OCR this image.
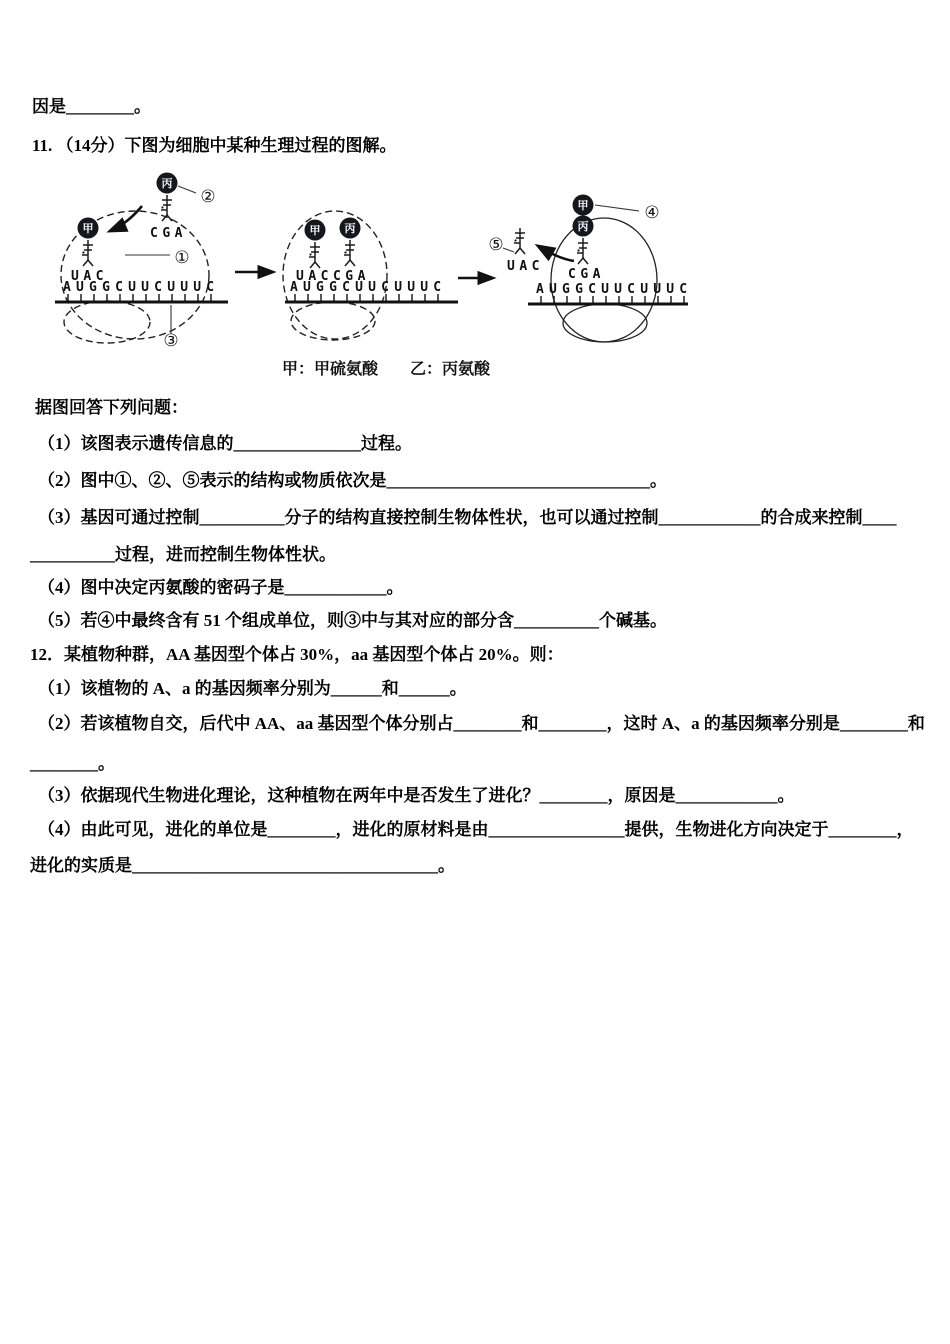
因是________。
11. （14分）下图为细胞中某种生理过程的图解。
据图回答下列问题：
（1）该图表示遗传信息的_______________过程。
（2）图中①、②、⑤表示的结构或物质依次是_______________________________。
（3）基因可通过控制__________分子的结构直接控制生物体性状，也可以通过控制____________的合成来控制____
__________过程，进而控制生物体性状。
（4）图中决定丙氨酸的密码子是____________。
（5）若④中最终含有 51 个组成单位，则③中与其对应的部分含__________个碱基。
12．某植物种群，AA 基因型个体占 30%，aa 基因型个体占 20%。则：
（1）该植物的 A、a 的基因频率分别为______和______。
（2）若该植物自交，后代中 AA、aa 基因型个体分别占________和________，这时 A、a 的基因频率分别是________和
________。
（3）依据现代生物进化理论，这种植物在两年中是否发生了进化？________，原因是____________。
（4）由此可见，进化的单位是________，进化的原材料是由________________提供，生物进化方向决定于________，
进化的实质是____________________________________。
甲：甲硫氨酸 乙：丙氨酸
AUGGCUUCUUUC
甲
UAC
丙
CGA
②
①
③
AUGGCUUCUUUC
甲 丙
UACCGA
AUGGCUUCUUUC
甲
丙
CGA
UAC
④
⑤
